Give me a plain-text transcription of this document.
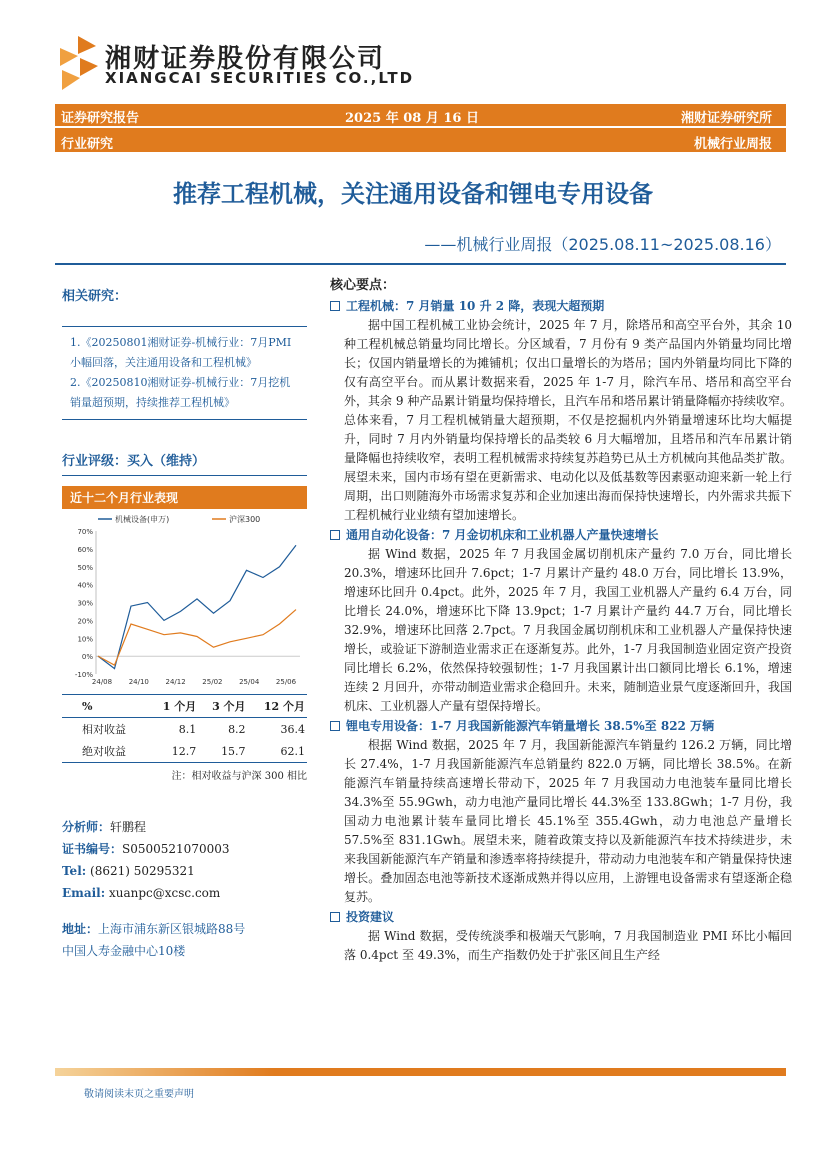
湘财证券股份有限公司
XIANGCAI SECURITIES CO.,LTD
证券研究报告	2025 年 08 月 16 日	湘财证券研究所
行业研究	机械行业周报
推荐工程机械，关注通用设备和锂电专用设备
——机械行业周报（2025.08.11~2025.08.16）
相关研究：
1.《20250801湘财证券-机械行业：7月PMI小幅回落，关注通用设备和工程机械》
2.《20250810湘财证券-机械行业：7月挖机销量超预期，持续推荐工程机械》
行业评级：买入（维持）
近十二个月行业表现
机械设备(申万)	沪深300
70%
60%
50%
40%
30%
20%
10%
0%
-10%
24/08 24/10 24/12 25/02 25/04 25/06
%	1 个月	3 个月	12 个月
相对收益	8.1	8.2	36.4
绝对收益	12.7	15.7	62.1
注：相对收益与沪深 300 相比
分析师：轩鹏程
证书编号：S0500521070003
Tel: (8621) 50295321
Email: xuanpc@xcsc.com
地址：上海市浦东新区银城路88号
中国人寿金融中心10楼
核心要点：
工程机械：7 月销量 10 升 2 降，表现大超预期
据中国工程机械工业协会统计，2025 年 7 月，除塔吊和高空平台外，其余 10 种工程机械总销量均同比增长。分区域看，7 月份有 9 类产品国内外销量均同比增长；仅国内销量增长的为摊铺机；仅出口量增长的为塔吊；国内外销量均同比下降的仅有高空平台。而从累计数据来看，2025 年 1-7 月，除汽车吊、塔吊和高空平台外，其余 9 种产品累计销量均保持增长，且汽车吊和塔吊累计销量降幅亦持续收窄。总体来看，7 月工程机械销量大超预期，不仅是挖掘机内外销量增速环比均大幅提升，同时 7 月内外销量均保持增长的品类较 6 月大幅增加，且塔吊和汽车吊累计销量降幅也持续收窄，表明工程机械需求持续复苏趋势已从土方机械向其他品类扩散。展望未来，国内市场有望在更新需求、电动化以及低基数等因素驱动迎来新一轮上行周期，出口则随海外市场需求复苏和企业加速出海而保持快速增长，内外需求共振下工程机械行业业绩有望加速增长。
通用自动化设备：7 月金切机床和工业机器人产量快速增长
据 Wind 数据，2025 年 7 月我国金属切削机床产量约 7.0 万台，同比增长 20.3%，增速环比回升 7.6pct；1-7 月累计产量约 48.0 万台，同比增长 13.9%，增速环比回升 0.4pct。此外，2025 年 7 月，我国工业机器人产量约 6.4 万台，同比增长 24.0%，增速环比下降 13.9pct；1-7 月累计产量约 44.7 万台，同比增长 32.9%，增速环比回落 2.7pct。7 月我国金属切削机床和工业机器人产量保持快速增长，或验证下游制造业需求正在逐渐复苏。此外，1-7 月我国制造业固定资产投资同比增长 6.2%，依然保持较强韧性；1-7 月我国累计出口额同比增长 6.1%，增速连续 2 月回升，亦带动制造业需求企稳回升。未来，随制造业景气度逐渐回升，我国机床、工业机器人产量有望保持增长。
锂电专用设备：1-7 月我国新能源汽车销量增长 38.5%至 822 万辆
根据 Wind 数据，2025 年 7 月，我国新能源汽车销量约 126.2 万辆，同比增长 27.4%，1-7 月我国新能源汽车总销量约 822.0 万辆，同比增长 38.5%。在新能源汽车销量持续高速增长带动下，2025 年 7 月我国动力电池装车量同比增长 34.3%至 55.9Gwh，动力电池产量同比增长 44.3%至 133.8Gwh；1-7 月份，我国动力电池累计装车量同比增长 45.1%至 355.4Gwh，动力电池总产量增长 57.5%至 831.1Gwh。展望未来，随着政策支持以及新能源汽车技术持续进步，未来我国新能源汽车产销量和渗透率将持续提升，带动动力电池装车和产销量保持快速增长。叠加固态电池等新技术逐渐成熟并得以应用，上游锂电设备需求有望逐渐企稳复苏。
投资建议
据 Wind 数据，受传统淡季和极端天气影响，7 月我国制造业 PMI 环比小幅回落 0.4pct 至 49.3%，而生产指数仍处于扩张区间且生产经
敬请阅读末页之重要声明
